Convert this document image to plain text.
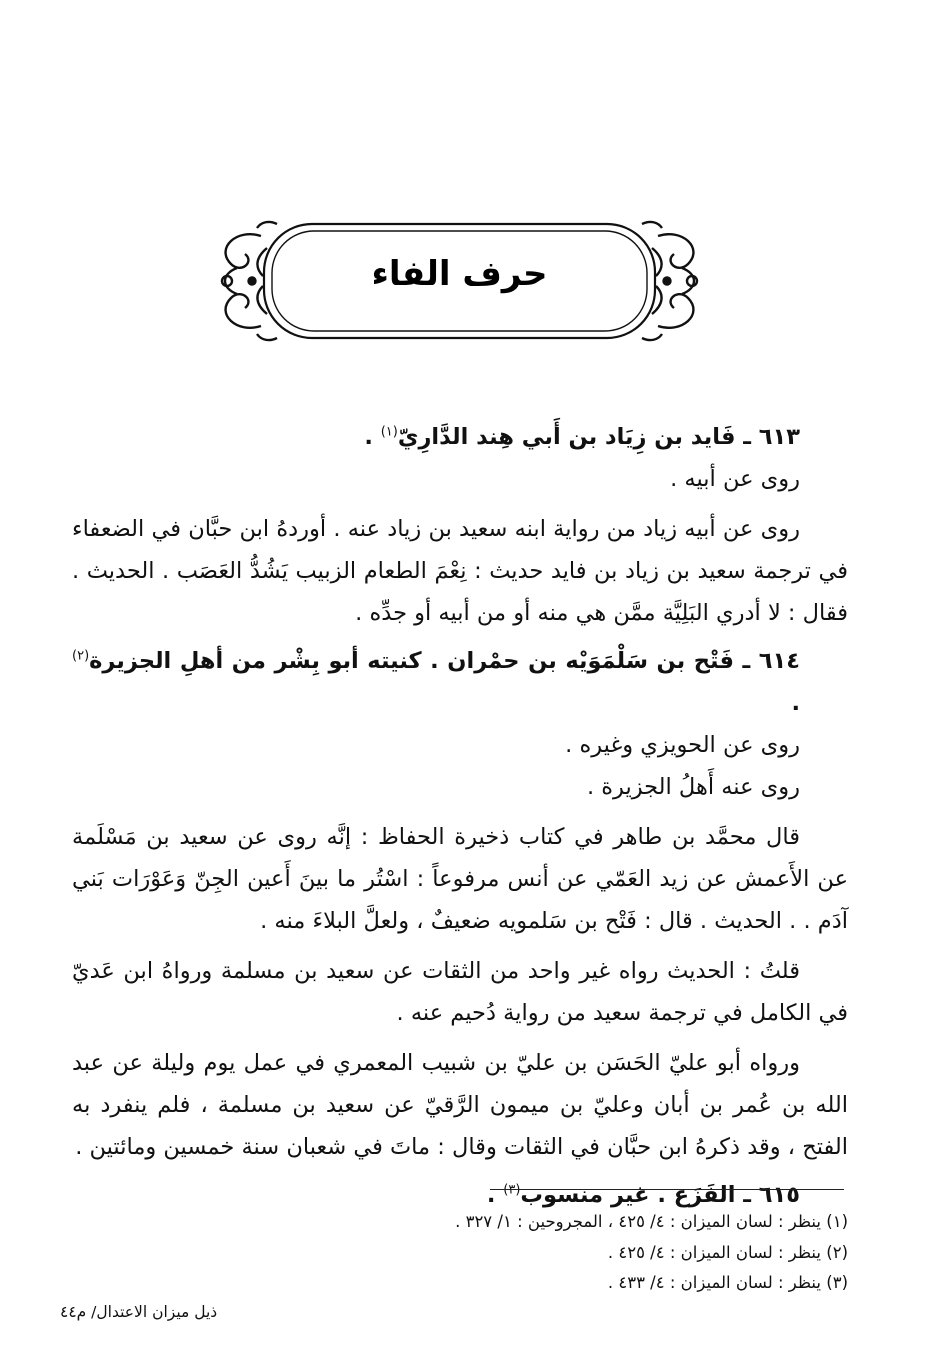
حرف الفاء

٦١٣ ـ فَايد بن زِيَاد بن أَبي هِند الدَّارِيّ$^{(١)}$ .

روى عن أبيه .

روى عن أبيه زياد من رواية ابنه سعيد بن زياد عنه . أوردهُ ابن حبَّان في الضعفاء في ترجمة سعيد بن زياد بن فايد حديث : نِعْمَ الطعام الزبيب يَشُدُّ العَصَب . الحديث . فقال : لا أدري البَلِيَّة ممَّن هي منه أو من أبيه أو جدِّه .

٦١٤ ـ فَتْح بن سَلْمَوَيْه بن حمْران . كنيته أبو بِشْر من أهلِ الجزيرة$^{(٢)}$ .

روى عن الحويزي وغيره .

روى عنه أَهلُ الجزيرة .

قال محمَّد بن طاهر في كتاب ذخيرة الحفاظ : إنَّه روى عن سعيد بن مَسْلَمة عن الأَعمش عن زيد العَمّي عن أنس مرفوعاً : اسْتُر ما بينَ أَعين الجِنّ وَعَوْرَات بَني آدَم . . الحديث . قال : فَتْح بن سَلمويه ضعيفٌ ، ولعلَّ البلاءَ منه .

قلتُ : الحديث رواه غير واحد من الثقات عن سعيد بن مسلمة ورواهُ ابن عَديّ في الكامل في ترجمة سعيد من رواية دُحيم عنه .

ورواه أبو عليّ الحَسَن بن عليّ بن شبيب المعمري في عمل يوم وليلة عن عبد الله بن عُمر بن أبان وعليّ بن ميمون الرَّقيّ عن سعيد بن مسلمة ، فلم ينفرد به الفتح ، وقد ذكرهُ ابن حبَّان في الثقات وقال : ماتَ في شعبان سنة خمسين ومائتين .

٦١٥ ـ الفَزَع . غير منسوب$^{(٣)}$ .

(١) ينظر : لسان الميزان : ٤/ ٤٢٥ ، المجروحين : ١/ ٣٢٧ .

(٢) ينظر : لسان الميزان : ٤/ ٤٢٥ .

(٣) ينظر : لسان الميزان : ٤/ ٤٣٣ .

ذيل ميزان الاعتدال/ م٤٤
